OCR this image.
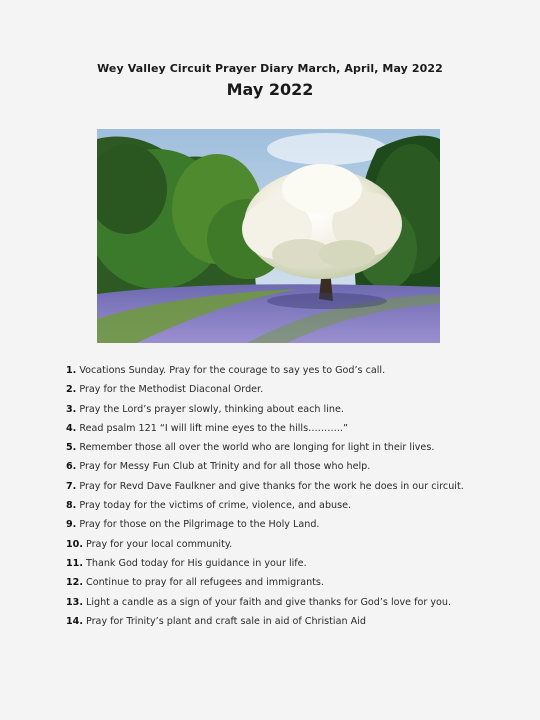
Wey Valley Circuit Prayer Diary March, April, May 2022
May 2022
1. Vocations Sunday. Pray for the courage to say yes to God’s call.
2. Pray for the Methodist Diaconal Order.
3. Pray the Lord’s prayer slowly, thinking about each line.
4. Read psalm 121 “I will lift mine eyes to the hills………..”
5. Remember those all over the world who are longing for light in their lives.
6. Pray for Messy Fun Club at Trinity and for all those who help.
7. Pray for Revd Dave Faulkner and give thanks for the work he does in our circuit.
8. Pray today for the victims of crime, violence, and abuse.
9. Pray for those on the Pilgrimage to the Holy Land.
10. Pray for your local community.
11. Thank God today for His guidance in your life.
12. Continue to pray for all refugees and immigrants.
13. Light a candle as a sign of your faith and give thanks for God’s love for you.
14. Pray for Trinity’s plant and craft sale in aid of Christian Aid
